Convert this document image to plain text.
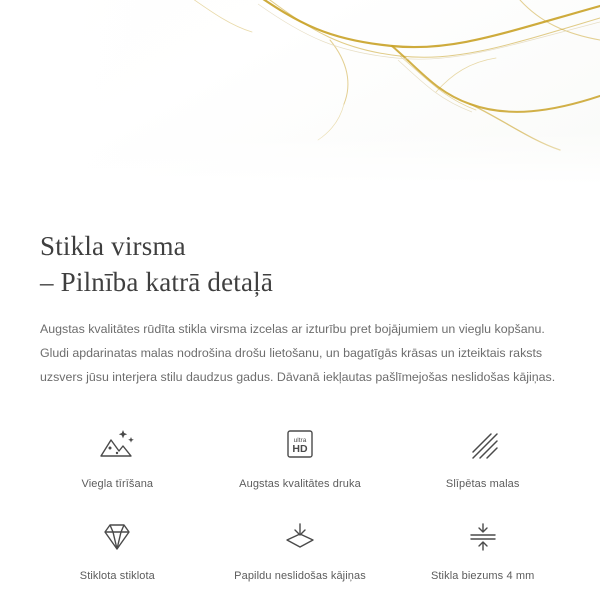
Stikla virsma
– Pilnība katrā detaļā

Augstas kvalitātes rūdīta stikla virsma izcelas ar izturību pret bojājumiem un vieglu kopšanu. Gludi apdarinatas malas nodrošina drošu lietošanu, un bagatīgās krāsas un izteiktais raksts uzsvers jūsu interjera stilu daudzus gadus. Dāvanā iekļautas pašlīmejošas neslidošas kājiņas.

Viegla tīrīšana
ultra
HD
Augstas kvalitātes druka	Slīpētas malas
Stiklota stiklota	Papildu neslidošas kājiņas	Stikla biezums 4 mm
